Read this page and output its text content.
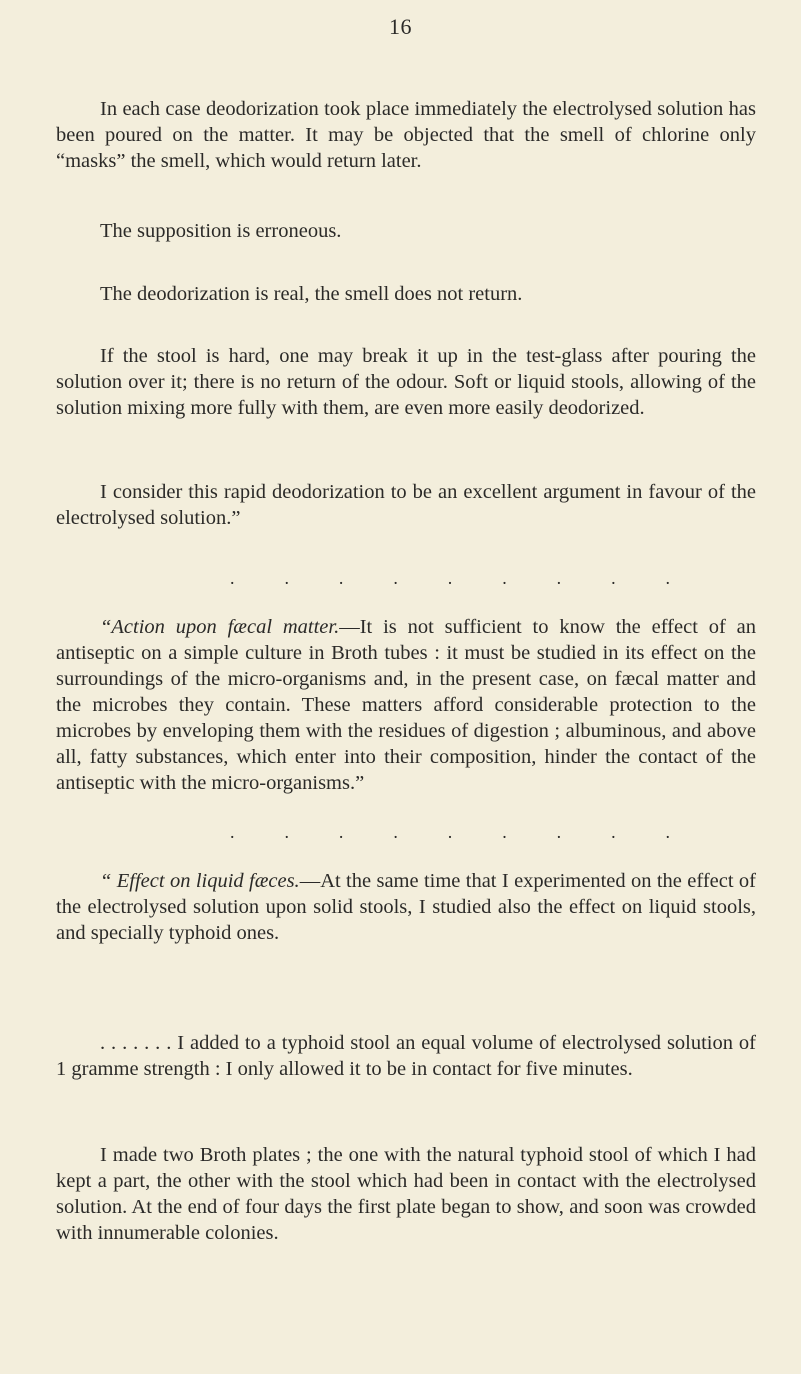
16

In each case deodorization took place immediately the electrolysed solution has been poured on the matter. It may be objected that the smell of chlorine only “masks” the smell, which would return later.

The supposition is erroneous.

The deodorization is real, the smell does not return.

If the stool is hard, one may break it up in the test-glass after pouring the solution over it; there is no return of the odour. Soft or liquid stools, allowing of the solution mixing more fully with them, are even more easily deodorized.

I consider this rapid deodorization to be an excellent argument in favour of the electrolysed solution.”

.	.	.	.	.	.	.	.	.

“Action upon fæcal matter.—It is not sufficient to know the effect of an antiseptic on a simple culture in Broth tubes : it must be studied in its effect on the surroundings of the micro-organisms and, in the present case, on fæcal matter and the microbes they contain. These matters afford considerable protection to the microbes by enveloping them with the residues of digestion ; albuminous, and above all, fatty substances, which enter into their composition, hinder the contact of the antiseptic with the micro-organisms.”

.	.	.	.	.	.	.	.	.

“ Effect on liquid fæces.—At the same time that I experimented on the effect of the electrolysed solution upon solid stools, I studied also the effect on liquid stools, and specially typhoid ones.

. . . . . . . I added to a typhoid stool an equal volume of electrolysed solution of 1 gramme strength : I only allowed it to be in contact for five minutes.

I made two Broth plates ; the one with the natural typhoid stool of which I had kept a part, the other with the stool which had been in contact with the electrolysed solution. At the end of four days the first plate began to show, and soon was crowded with innumerable colonies.
